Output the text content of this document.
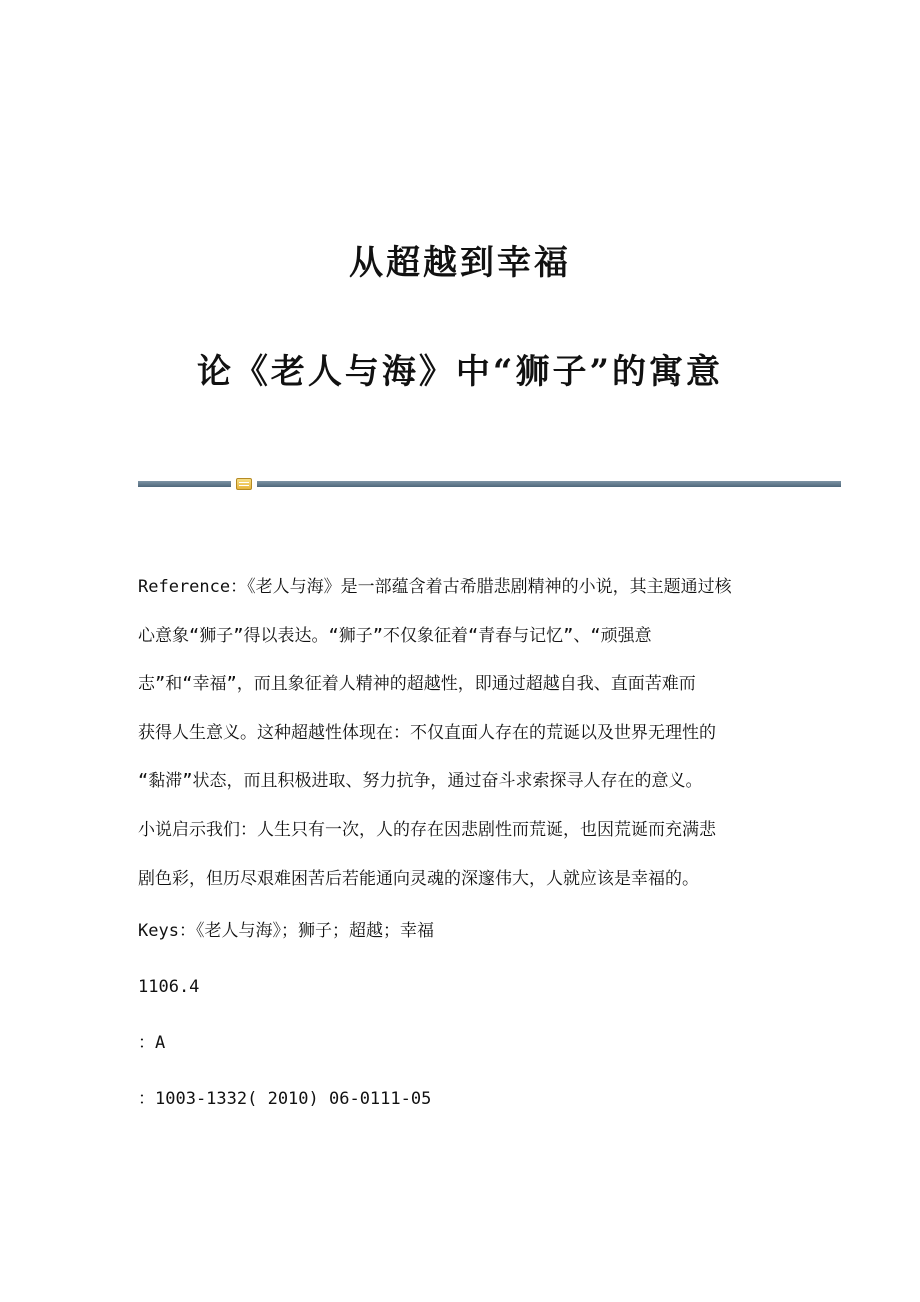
从超越到幸福
论《老人与海》中“狮子”的寓意
Reference：《老人与海》是一部蕴含着古希腊悲剧精神的小说，其主题通过核
心意象“狮子”得以表达。“狮子”不仅象征着“青春与记忆”、“顽强意
志”和“幸福”，而且象征着人精神的超越性，即通过超越自我、直面苦难而
获得人生意义。这种超越性体现在：不仅直面人存在的荒诞以及世界无理性的
“黏滞”状态，而且积极进取、努力抗争，通过奋斗求索探寻人存在的意义。
小说启示我们：人生只有一次，人的存在因悲剧性而荒诞，也因荒诞而充满悲
剧色彩，但历尽艰难困苦后若能通向灵魂的深邃伟大，人就应该是幸福的。
Keys：《老人与海》；狮子；超越；幸福
1106.4
：A
：1003-1332( 2010) 06-0111-05
